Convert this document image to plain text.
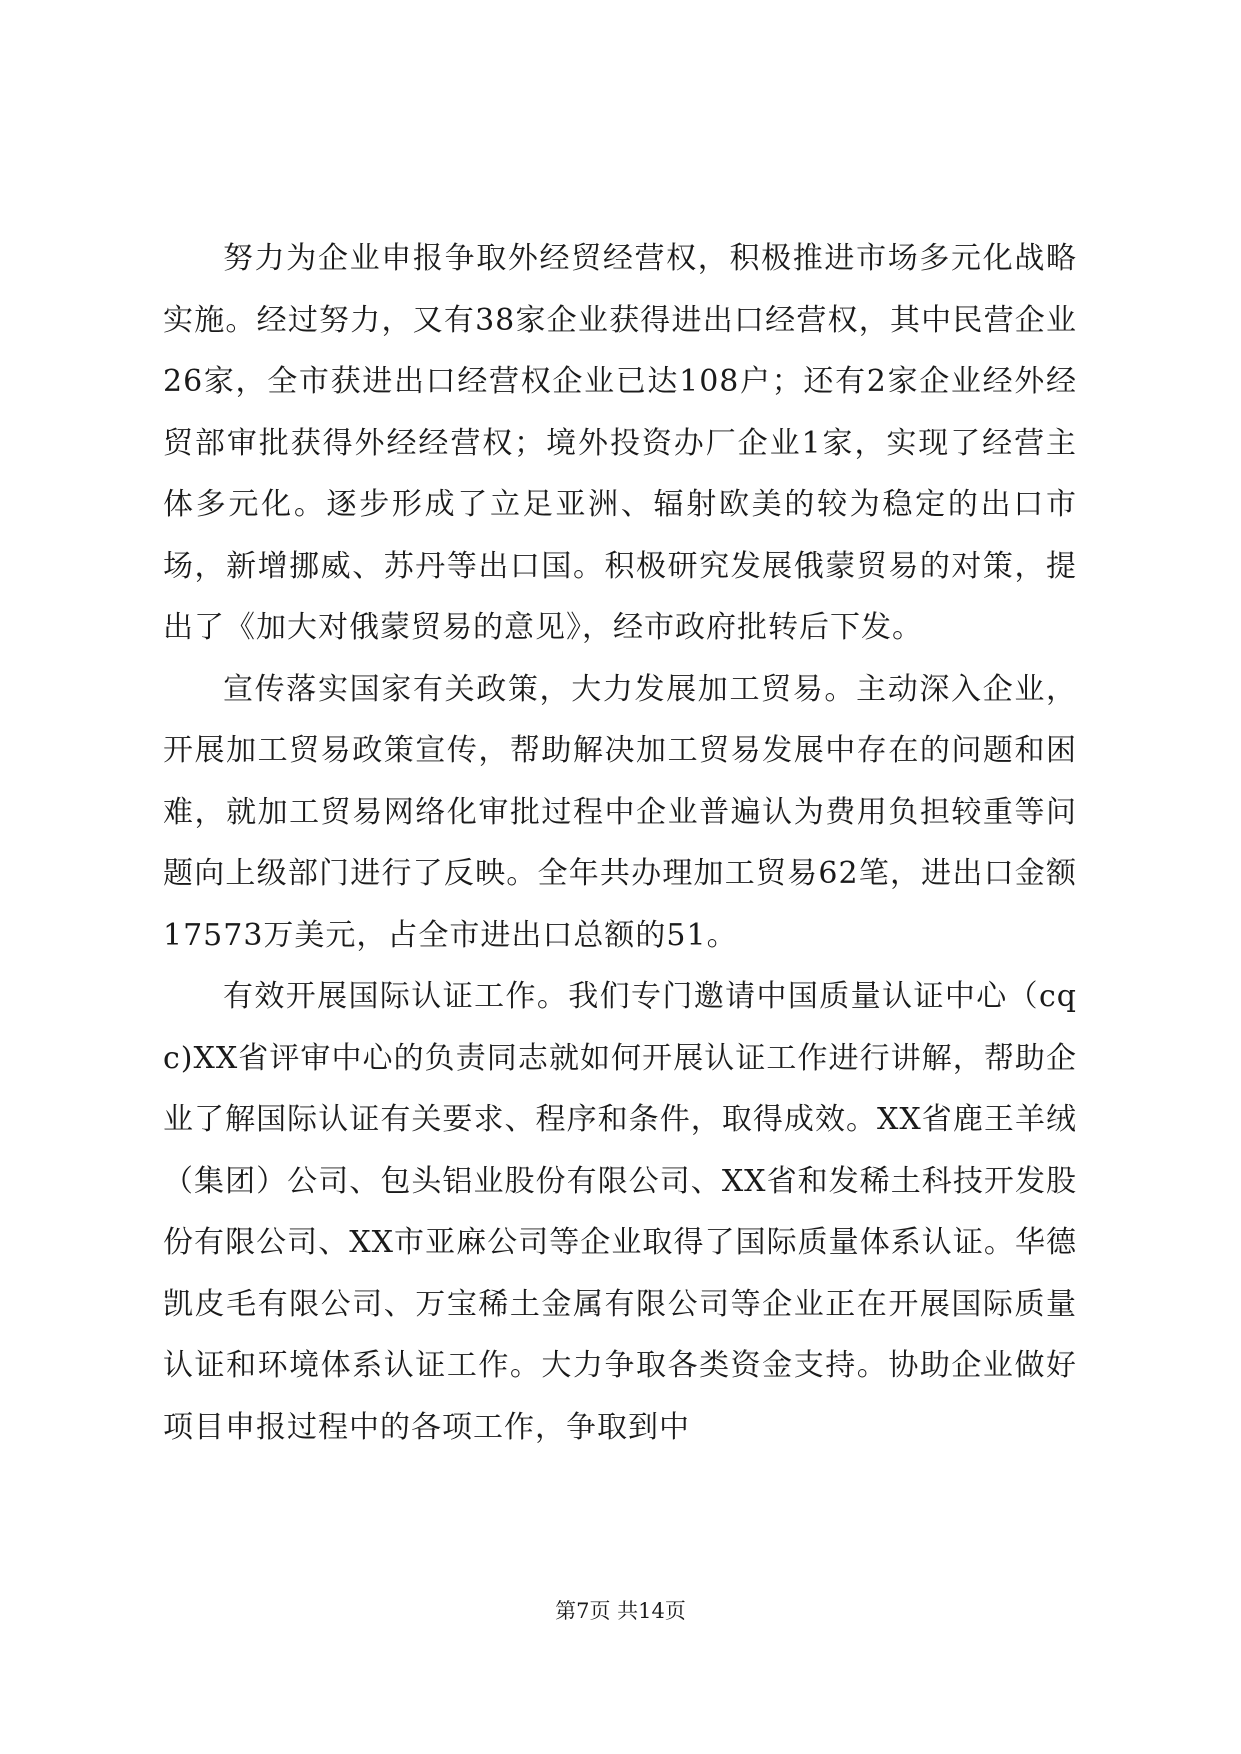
努力为企业申报争取外经贸经营权，积极推进市场多元化战略实施。经过努力，又有38家企业获得进出口经营权，其中民营企业26家，全市获进出口经营权企业已达108户；还有2家企业经外经贸部审批获得外经经营权；境外投资办厂企业1家，实现了经营主体多元化。逐步形成了立足亚洲、辐射欧美的较为稳定的出口市场，新增挪威、苏丹等出口国。积极研究发展俄蒙贸易的对策，提出了《加大对俄蒙贸易的意见》，经市政府批转后下发。

宣传落实国家有关政策，大力发展加工贸易。主动深入企业，开展加工贸易政策宣传，帮助解决加工贸易发展中存在的问题和困难，就加工贸易网络化审批过程中企业普遍认为费用负担较重等问题向上级部门进行了反映。全年共办理加工贸易62笔，进出口金额17573万美元，占全市进出口总额的51。

有效开展国际认证工作。我们专门邀请中国质量认证中心（cqc)XX省评审中心的负责同志就如何开展认证工作进行讲解，帮助企业了解国际认证有关要求、程序和条件，取得成效。XX省鹿王羊绒（集团）公司、包头铝业股份有限公司、XX省和发稀土科技开发股份有限公司、XX市亚麻公司等企业取得了国际质量体系认证。华德凯皮毛有限公司、万宝稀土金属有限公司等企业正在开展国际质量认证和环境体系认证工作。大力争取各类资金支持。协助企业做好项目申报过程中的各项工作，争取到中

第7页 共14页
